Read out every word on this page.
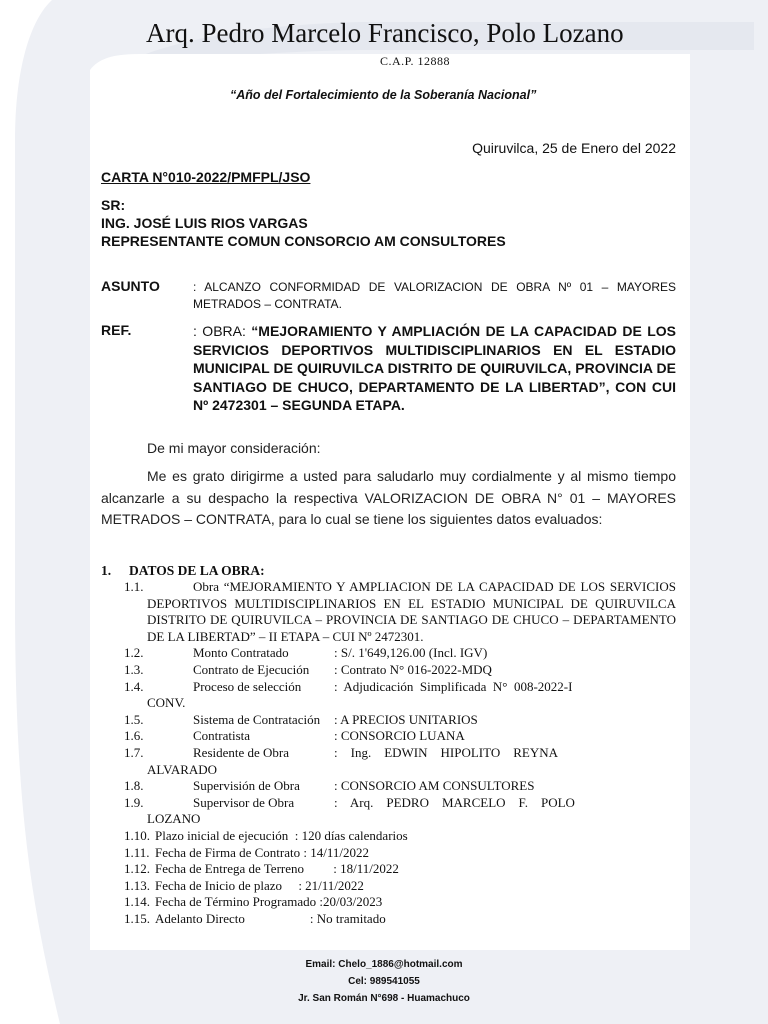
Arq. Pedro Marcelo Francisco, Polo Lozano
C.A.P. 12888
“Año del Fortalecimiento de la Soberanía Nacional”
Quiruvilca, 25 de Enero del 2022
CARTA N°010-2022/PMFPL/JSO
SR:
ING. JOSÉ LUIS RIOS VARGAS
REPRESENTANTE COMUN CONSORCIO AM CONSULTORES
ASUNTO	: ALCANZO CONFORMIDAD DE VALORIZACION DE OBRA Nº 01 – MAYORES METRADOS – CONTRATA.
REF.	: OBRA: “MEJORAMIENTO Y AMPLIACIÓN DE LA CAPACIDAD DE LOS SERVICIOS DEPORTIVOS MULTIDISCIPLINARIOS EN EL ESTADIO MUNICIPAL DE QUIRUVILCA DISTRITO DE QUIRUVILCA, PROVINCIA DE SANTIAGO DE CHUCO, DEPARTAMENTO DE LA LIBERTAD”, CON CUI Nº 2472301 – SEGUNDA ETAPA.
De mi mayor consideración:
Me es grato dirigirme a usted para saludarlo muy cordialmente y al mismo tiempo alcanzarle a su despacho la respectiva VALORIZACION DE OBRA N° 01 – MAYORES METRADOS – CONTRATA, para lo cual se tiene los siguientes datos evaluados:
1. DATOS DE LA OBRA:
1.1.	Obra “MEJORAMIENTO Y AMPLIACION DE LA CAPACIDAD DE LOS SERVICIOS DEPORTIVOS MULTIDISCIPLINARIOS EN EL ESTADIO MUNICIPAL DE QUIRUVILCA DISTRITO DE QUIRUVILCA – PROVINCIA DE SANTIAGO DE CHUCO – DEPARTAMENTO DE LA LIBERTAD” – II ETAPA – CUI Nº 2472301.
1.2.	Monto Contratado	: S/. 1'649,126.00 (Incl. IGV)
1.3.	Contrato de Ejecución	: Contrato N° 016-2022-MDQ
1.4.	Proceso de selección	:  Adjudicación  Simplificada  N°  008-2022-I
CONV.
1.5.	Sistema de Contratación	: A PRECIOS UNITARIOS
1.6.	Contratista	: CONSORCIO LUANA
1.7.	Residente de Obra	:    Ing.    EDWIN    HIPOLITO    REYNA
ALVARADO
1.8.	Supervisión de Obra	: CONSORCIO AM CONSULTORES
1.9.	Supervisor de Obra	:    Arq.    PEDRO    MARCELO    F.    POLO
LOZANO
1.10. Plazo inicial de ejecución  : 120 días calendarios
1.11. Fecha de Firma de Contrato : 14/11/2022
1.12. Fecha de Entrega de Terreno         : 18/11/2022
1.13. Fecha de Inicio de plazo     : 21/11/2022
1.14. Fecha de Término Programado :20/03/2023
1.15. Adelanto Directo                    : No tramitado
Email: Chelo_1886@hotmail.com
Cel: 989541055
Jr. San Román N°698 - Huamachuco
